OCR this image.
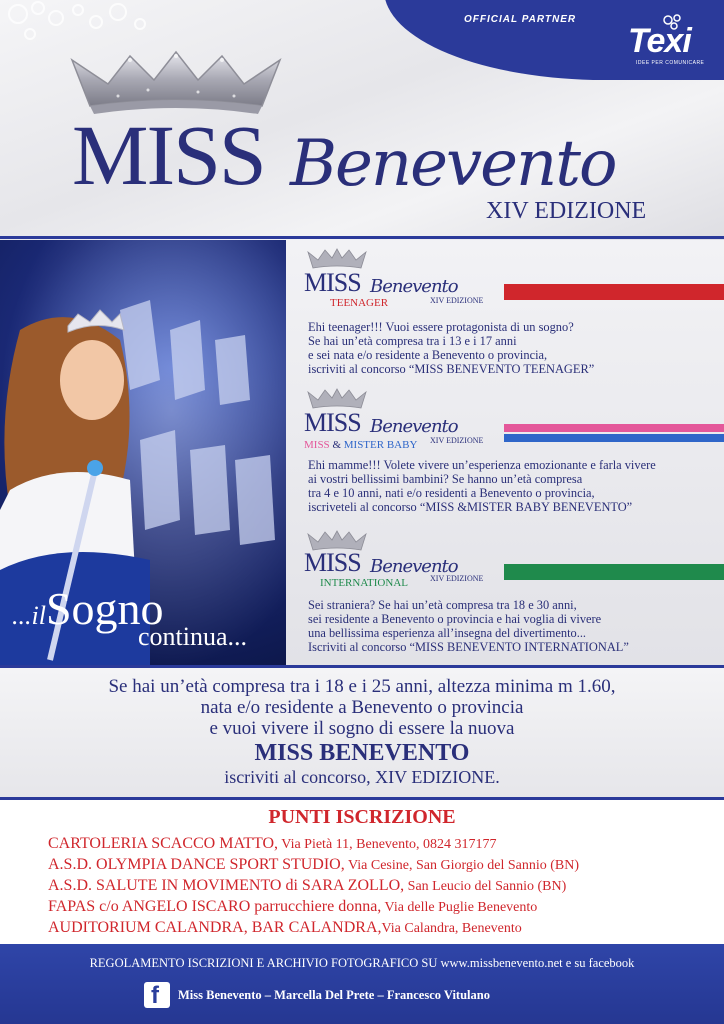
OFFICIAL PARTNER
Texi
IDEE PER COMUNICARE
MISS Benevento
XIV EDIZIONE
...ilSogno
continua...
MISS Benevento
XIV EDIZIONE
TEENAGER
Ehi teenager!!! Vuoi essere protagonista di un sogno?
Se hai un’età compresa tra i 13 e i 17 anni
e sei nata e/o residente a Benevento o provincia,
iscriviti al concorso “MISS BENEVENTO TEENAGER”
MISS Benevento
XIV EDIZIONE
MISS & MISTER BABY
Ehi mamme!!! Volete vivere un’esperienza emozionante e farla vivere
ai vostri bellissimi bambini? Se hanno un’età compresa
tra 4 e 10 anni, nati e/o residenti a Benevento o provincia,
iscriveteli al concorso “MISS &MISTER BABY BENEVENTO”
MISS Benevento
XIV EDIZIONE
INTERNATIONAL
Sei straniera? Se hai un’età compresa tra 18 e 30 anni,
sei residente a Benevento o provincia e hai voglia di vivere
una bellissima esperienza all’insegna del divertimento...
Iscriviti al concorso “MISS BENEVENTO INTERNATIONAL”
Se hai un’età compresa tra i 18 e i 25 anni, altezza minima m 1.60,
nata e/o residente a Benevento o provincia
e vuoi vivere il sogno di essere la nuova
MISS BENEVENTO
iscriviti al concorso, XIV EDIZIONE.
PUNTI ISCRIZIONE
CARTOLERIA SCACCO MATTO, Via Pietà 11, Benevento, 0824 317177
A.S.D. OLYMPIA DANCE SPORT STUDIO, Via Cesine, San Giorgio del Sannio (BN)
A.S.D. SALUTE IN MOVIMENTO di SARA ZOLLO, San Leucio del Sannio (BN)
FAPAS c/o ANGELO ISCARO parrucchiere donna, Via delle Puglie Benevento
AUDITORIUM CALANDRA, BAR CALANDRA,Via Calandra, Benevento
REGOLAMENTO ISCRIZIONI E ARCHIVIO FOTOGRAFICO SU www.missbenevento.net e su facebook
f Miss Benevento – Marcella Del Prete – Francesco Vitulano
